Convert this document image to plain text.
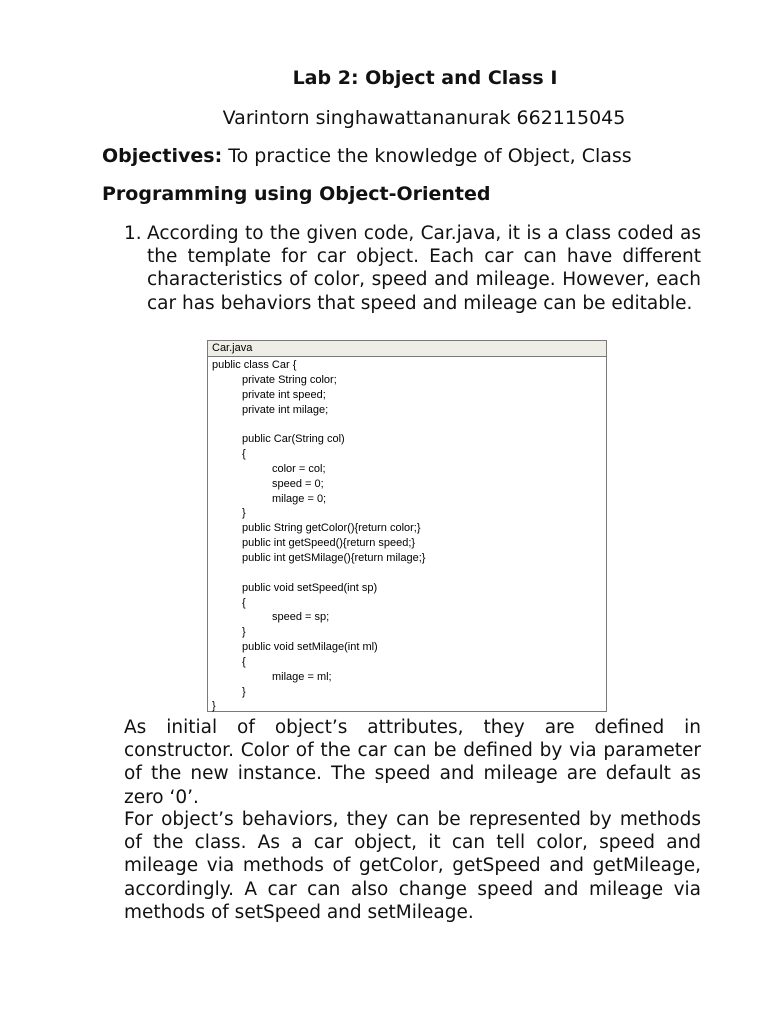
Lab 2: Object and Class I
Varintorn singhawattananurak 662115045
Objectives: To practice the knowledge of Object, Class
Programming using Object-Oriented
1. According to the given code, Car.java, it is a class coded as the template for car object. Each car can have different characteristics of color, speed and mileage. However, each car has behaviors that speed and mileage can be editable.
Car.java
public class Car {
private String color;
private int speed;
private int milage;
public Car(String col)
{
color = col;
speed = 0;
milage = 0;
}
public String getColor(){return color;}
public int getSpeed(){return speed;}
public int getSMilage(){return milage;}
public void setSpeed(int sp)
{
speed = sp;
}
public void setMilage(int ml)
{
milage = ml;
}
}

As initial of object’s attributes, they are defined in constructor. Color of the car can be defined by via parameter of the new instance. The speed and mileage are default as zero ‘0’.

For object’s behaviors, they can be represented by methods of the class. As a car object, it can tell color, speed and mileage via methods of getColor, getSpeed and getMileage, accordingly. A car can also change speed and mileage via methods of setSpeed and setMileage.
